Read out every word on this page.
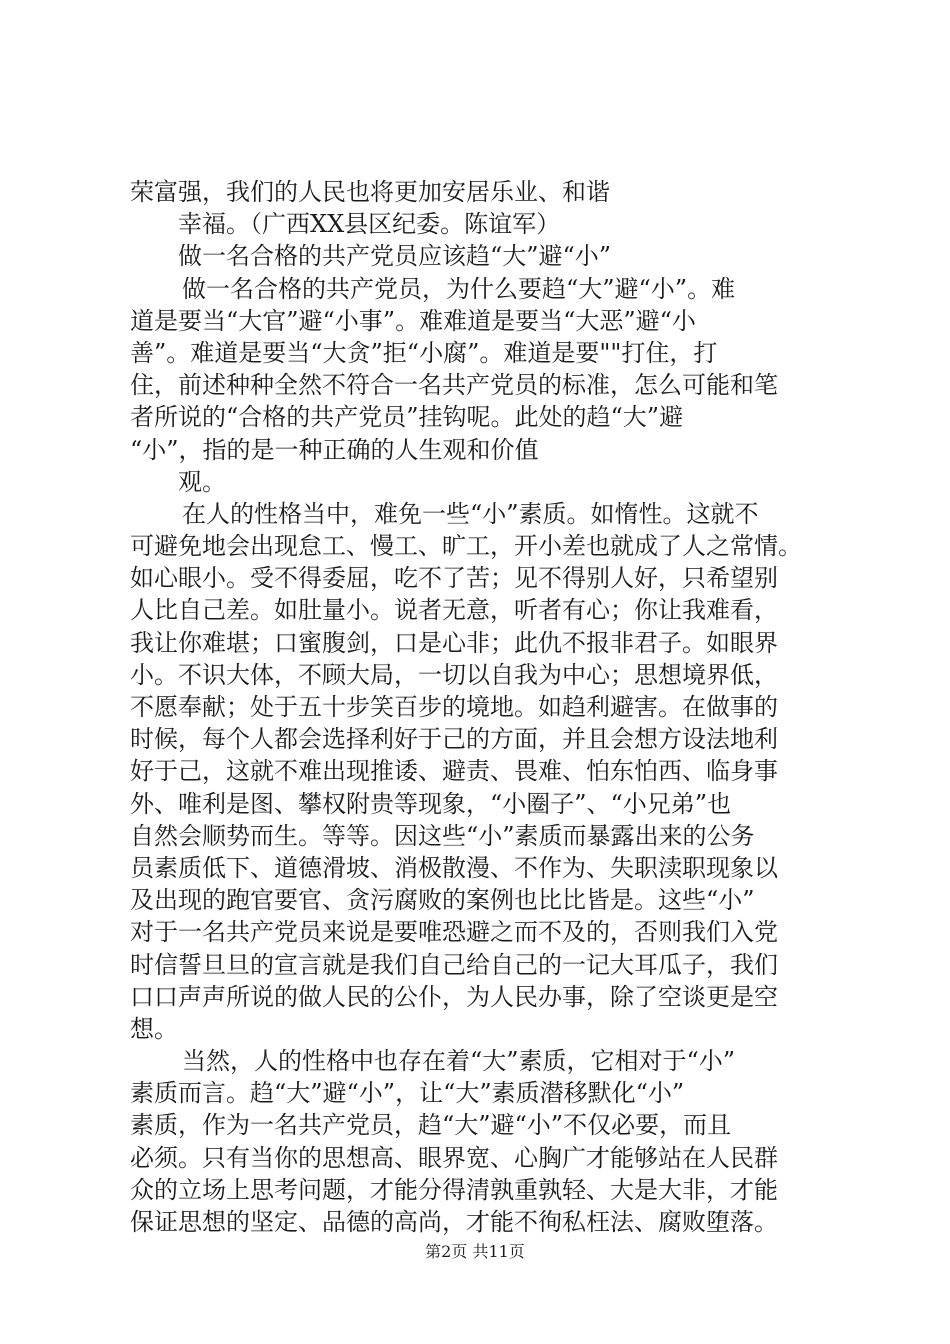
荣富强，我们的人民也将更加安居乐业、和谐
幸福。（广西XX县区纪委。陈谊军）
做一名合格的共产党员应该趋“大”避“小”
做一名合格的共产党员，为什么要趋“大”避“小”。难
道是要当“大官”避“小事”。难难道是要当“大恶”避“小
善”。难道是要当“大贪”拒“小腐”。难道是要""打住，打
住，前述种种全然不符合一名共产党员的标准，怎么可能和笔
者所说的“合格的共产党员”挂钩呢。此处的趋“大”避
“小”，指的是一种正确的人生观和价值
观。
在人的性格当中，难免一些“小”素质。如惰性。这就不
可避免地会出现怠工、慢工、旷工，开小差也就成了人之常情。
如心眼小。受不得委屈，吃不了苦；见不得别人好，只希望别
人比自己差。如肚量小。说者无意，听者有心；你让我难看，
我让你难堪；口蜜腹剑，口是心非；此仇不报非君子。如眼界
小。不识大体，不顾大局，一切以自我为中心；思想境界低，
不愿奉献；处于五十步笑百步的境地。如趋利避害。在做事的
时候，每个人都会选择利好于己的方面，并且会想方设法地利
好于己，这就不难出现推诿、避责、畏难、怕东怕西、临身事
外、唯利是图、攀权附贵等现象，“小圈子”、“小兄弟”也
自然会顺势而生。等等。因这些“小”素质而暴露出来的公务
员素质低下、道德滑坡、消极散漫、不作为、失职渎职现象以
及出现的跑官要官、贪污腐败的案例也比比皆是。这些“小”
对于一名共产党员来说是要唯恐避之而不及的，否则我们入党
时信誓旦旦的宣言就是我们自己给自己的一记大耳瓜子，我们
口口声声所说的做人民的公仆，为人民办事，除了空谈更是空
想。
当然，人的性格中也存在着“大”素质，它相对于“小”
素质而言。趋“大”避“小”，让“大”素质潜移默化“小”
素质，作为一名共产党员，趋“大”避“小”不仅必要，而且
必须。只有当你的思想高、眼界宽、心胸广才能够站在人民群
众的立场上思考问题，才能分得清孰重孰轻、大是大非，才能
保证思想的坚定、品德的高尚，才能不徇私枉法、腐败堕落。
第2页 共11页
